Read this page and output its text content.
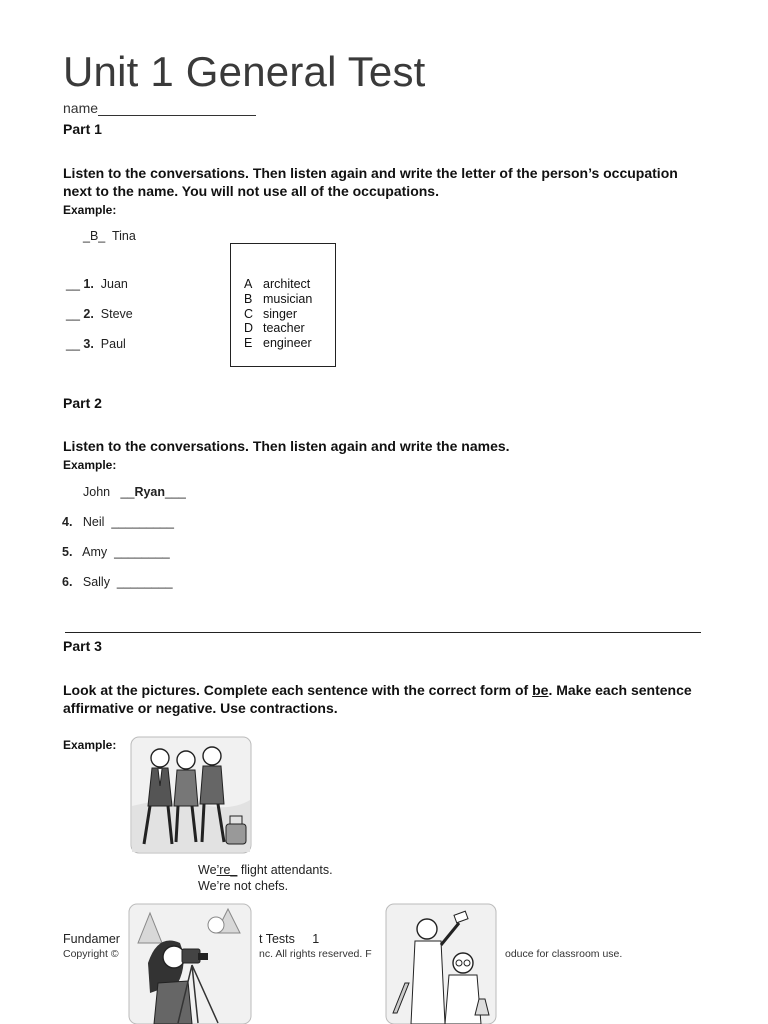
Unit 1 General Test
name
Part 1
Listen to the conversations. Then listen again and write the letter of the person’s occupation next to the name. You will not use all of the occupations.
Example:
_B_ Tina
__ 1. Juan
__ 2. Steve
__ 3. Paul
A architect
B musician
C singer
D teacher
E engineer
Part 2
Listen to the conversations. Then listen again and write the names.
Example:
John __Ryan___
4. Neil _________
5. Amy ________
6. Sally ________
Part 3
Look at the pictures. Complete each sentence with the correct form of be. Make each sentence affirmative or negative. Use contractions.
Example:
We’re_ flight attendants.
We’re not chefs.
Fundamer	t Tests 1
Copyright ©	nc. All rights reserved. F	oduce for classroom use.
